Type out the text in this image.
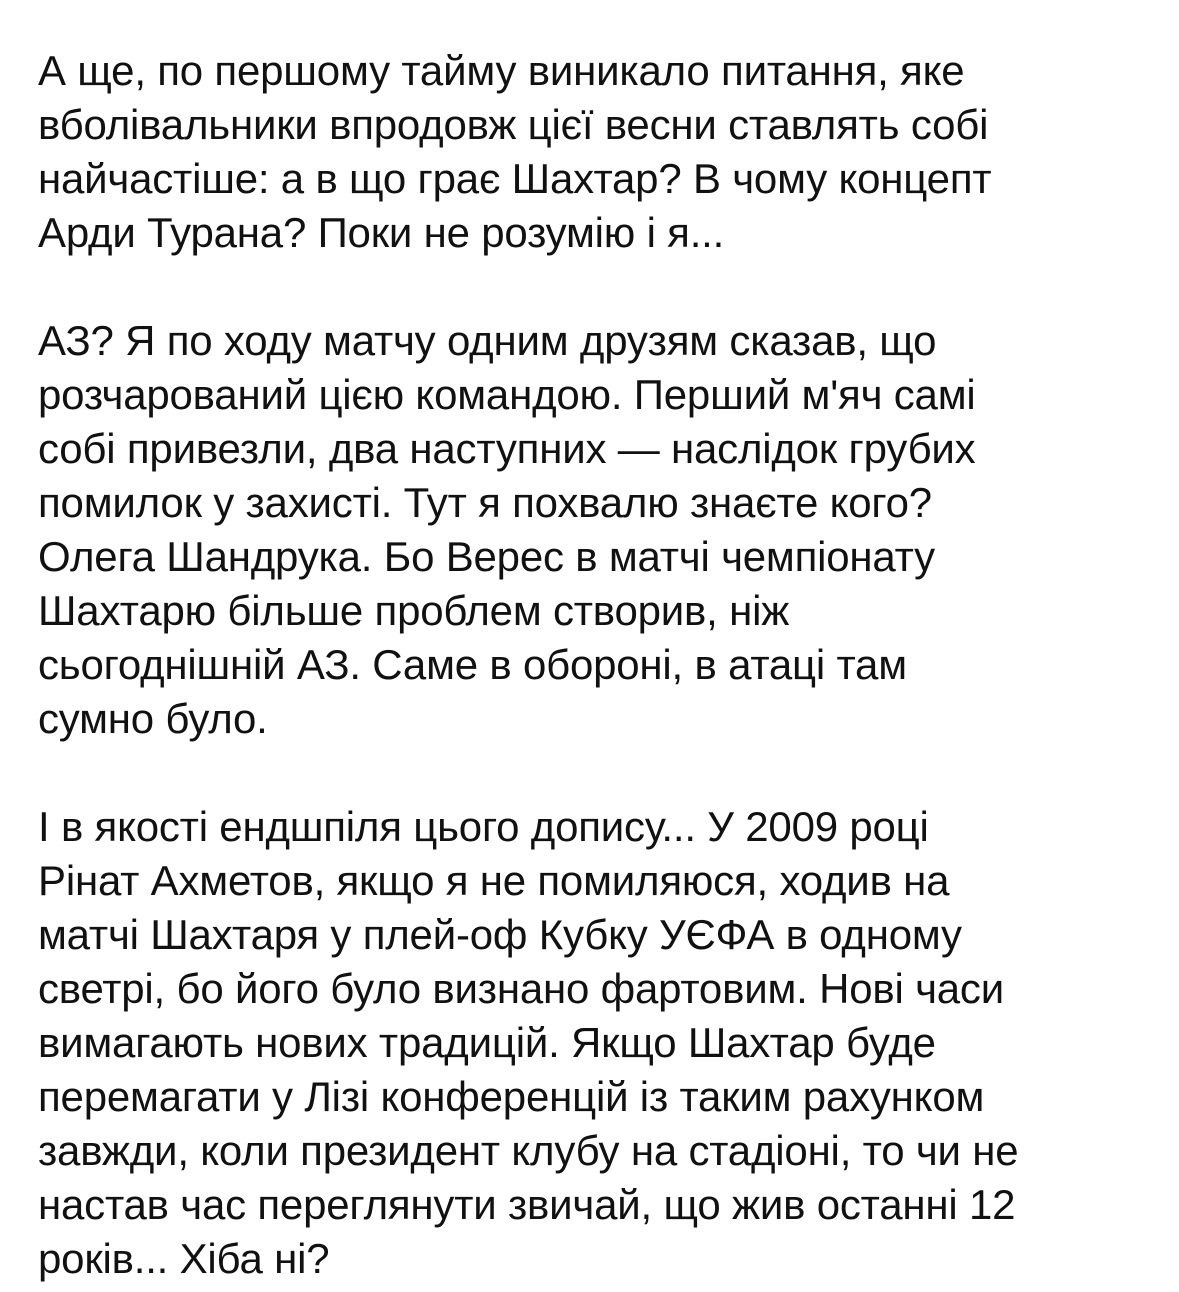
А ще, по першому тайму виникало питання, яке
вболівальники впродовж цієї весни ставлять собі
найчастіше: а в що грає Шахтар? В чому концепт
Арди Турана? Поки не розумію і я...

АЗ? Я по ходу матчу одним друзям сказав, що
розчарований цією командою. Перший м'яч самі
собі привезли, два наступних — наслідок грубих
помилок у захисті. Тут я похвалю знаєте кого?
Олега Шандрука. Бо Верес в матчі чемпіонату
Шахтарю більше проблем створив, ніж
сьогоднішній АЗ. Саме в обороні, в атаці там
сумно було.

І в якості ендшпіля цього допису... У 2009 році
Рінат Ахметов, якщо я не помиляюся, ходив на
матчі Шахтаря у плей-оф Кубку УЄФА в одному
светрі, бо його було визнано фартовим. Нові часи
вимагають нових традицій. Якщо Шахтар буде
перемагати у Лізі конференцій із таким рахунком
завжди, коли президент клубу на стадіоні, то чи не
настав час переглянути звичай, що жив останні 12
років... Хіба ні?
